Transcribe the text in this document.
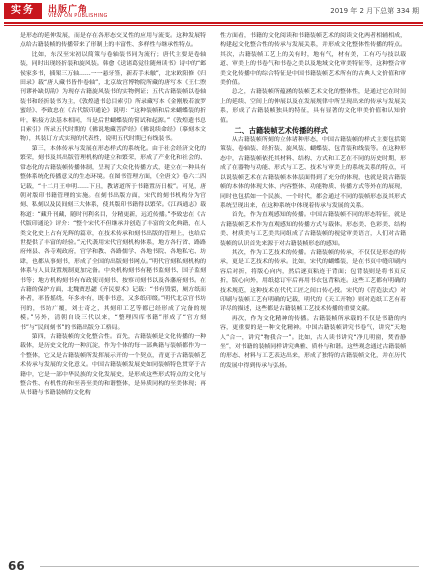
实务	出版广角
VIEW ON PUBLISHING
2019 年 2 月下总第 334 期

是形态的延伸发展，而是存在各形态交叉性的应用与流变。这种发展特点给古籍装帧的传播带来了形制上的丰富性、多样性与继承性特点。

比如，东汉至宋初以简策与卷轴装书同为流行；唐代主要是卷轴装，同时出现经折装和旋风装。韩愈《送诸葛觉往随州读书》诗中的“邺侯家多书，插架三万轴……一一悬牙签，新若手未触”，北宋欧阳修《归田录》载“唐人藏书皆作卷轴”，北京故宫博物院所藏的唐写本《王仁煦刊谬补缺切韵》为现存古籍旋风装书的实物例证；五代古籍装帧以卷轴装书和经折装书为主，《敦煌遗书总目索引》所录藏写本《金刚般若波罗蜜经》、李致忠在《古代版印通论》说明：“这种装帧和后来蝴蝶装的折叶，粘接方法基本相同，当是后世蝴蝶装的嘗试和起源。”《敦煌遗书总目索引》所录五代时期的《佛说地藏菩萨经》《佛说续命经》（摹刻本文物），其装订方式实现的代表性，说明五代时期已有线装书。

第三，本体传承与发展在形态样式的系统化。由于社会经济文化的繁荣，刻书及其出版管理机构的建立和繁荣，形成了产业化和社会的、常态化的古籍装帧传播体制，呈现了大众化传播方式，建立在一种具有整体系统化传播意义的生态环境。在图书管理方面，《全唐文》卷六二四记载，“十二月王申明……下且，教诸道所于书籍置历日板”。可见，唐朝对版印书籍管理的实施。在刻书出版方面，宋代的刻书机构分为官刻、私刻以及民间刻三大体系，使其版印书籍得以繁荣。《江西通志》载称道：“藏升刊藏，随时刊利名目，分精更新，远近传播。”李致忠在《古代版印通论》评介：“整个宋代不但继承并创造了丰富的文化典籍，在人类文化史上占有光辉的篇章，在技术传承和刻书出版的管理上，也给后世提供了丰富的经验。”元代袭用宋代官刻机构体系，地方各行省、路路府州县、各寺观政府，官学和教、各路儒学、各地书院、各地私宅、坊肆，也都从事刻书，形成了全国的出版刻书网点。”明代官刻私刻机构的体系与人员设置规制更加完备。中央机构刻书有秘书监刻书、国子监刻书等；地方机构刻书有布政使司刻书、按察司刻书以及各藩府刻书。在古籍的保护方面，北魏贾思勰《齐民要术》记载：“书有毁裂，厕方纸而补者，率皆摇绕，年多亦有，既非书意，又多纸印缀。”明代北京宫书坊刊的，书坊广覆，刘士奇之，其刻印工艺等都已经形成了完备的规模。”另外，清朝自设三代以来，“整理四库书籍”形成了“官方刻书”与“民间刻书”的书籍出版分工格局。

第四，古籍装帧的文化整合性。首先，古籍装帧是文化传播的一种载体，是历史文化的一种沉淀，作为个体的每一部典籍与装帧都作为一个整体，它又是古籍装帧所发挥展示开的一个契点，青更于古籍装帧艺术传承与发展的文化意义。中国古籍装帧发展史如同装帧特色贯穿于古籍中，它是一部中华民族的文化发展史，是形成这些形式特点的文化与整合性、有机性的和至善至美的和谐整体，是异质同构的至美体现；再从书籍与书籍装帧的文化构

性方面看，书籍的文化阅读和书籍装帧艺术的阅读文化两者相辅相成，构建起文化整合性的传承与发展关系，并形成文化整体性传播的特点。其次，古籍装帧工艺上的关有时，地有气，材有美，工有巧与技以载道、审美上的书卷气和书卷之美以及地域文化审美特征等，这种整合审美文化传播中的综合特征是中国书籍装帧艺术所有的古典人文价值和审美价值。

总之，古籍装帧所蕴涵的装帧艺术文化的整体性，是通过它在时间上的延续、空间上的伸展以及在发展规律中所呈现出来的传承与发展关系，形成了古籍装帧独具的特征，具有显著的文化审美价值和认知价值。

二、古籍装帧艺术传播的样式

从古籍装帧所刻的立体诸种形态，中国古籍装帧的样式主要包括简策装、卷轴装、经折装、旋风装、蝴蝶装、包背装和线装等。在这种形态中，古籍装帧依托其材料、结构、方式和工艺在不同的历史时期，形成了在器物与功能、形式与工艺、技术与审美上的系统关系的特点，可以说装帧艺术在古籍装帧本体层面得到了充分的体现，也就是说古籍装帧的本体的体现大体、内容整体、功能物质、传播方式等外在的展现，同时也包括如一个民族、一个时代，都会通过不同的装帧形态及其形式系统呈现出来，在这种系统中体现着传承与发展的关系。

首先，作为直观感知的传播。中国古籍装帧不同的形态特征，就是古籍装帧艺术作为直观感知的传播方式与载体。形态美、色彩美、结构美、材质美与工艺美共同组成了古籍装帧的视觉审美语言，人们对古籍装帧的认识首先来源于对古籍装帧形态的感知。

其次，作为工艺技术的传播。古籍装帧的传承，不仅仅是形态的传承，更是工艺技术的传承。比如，宋代的蝴蝶装，是在书页中缝印刷内容后对折，将版心向内，然后逐页粘连于背面；包背装则是将书页反折，版心向外，用纸捻订牢后再用书衣包背粘连。这些工艺都有明确的技术规范，这种技术在代代工匠之间口传心授。宋代的《营造法式》对印刷与装帧工艺有明确的记载，明代的《天工开物》则对造纸工艺有着详尽的描述，这些都是古籍装帧工艺技术传播的重要文献。

再次，作为文化精神的传播。古籍装帧所承载的不仅是书籍的内容，更重要的是一种文化精神。中国古籍装帧讲究书卷气，讲究“天地人”合一，讲究“物我合一”。比如，古人读书讲究“净几明窗，焚香静坐”，对书籍的装帧同样讲究典雅、质朴与和谐。这些观念通过古籍装帧的形态、材料与工艺表达出来，形成了独特的古籍装帧文化，并在历代的发展中得到传承与弘扬。

66
